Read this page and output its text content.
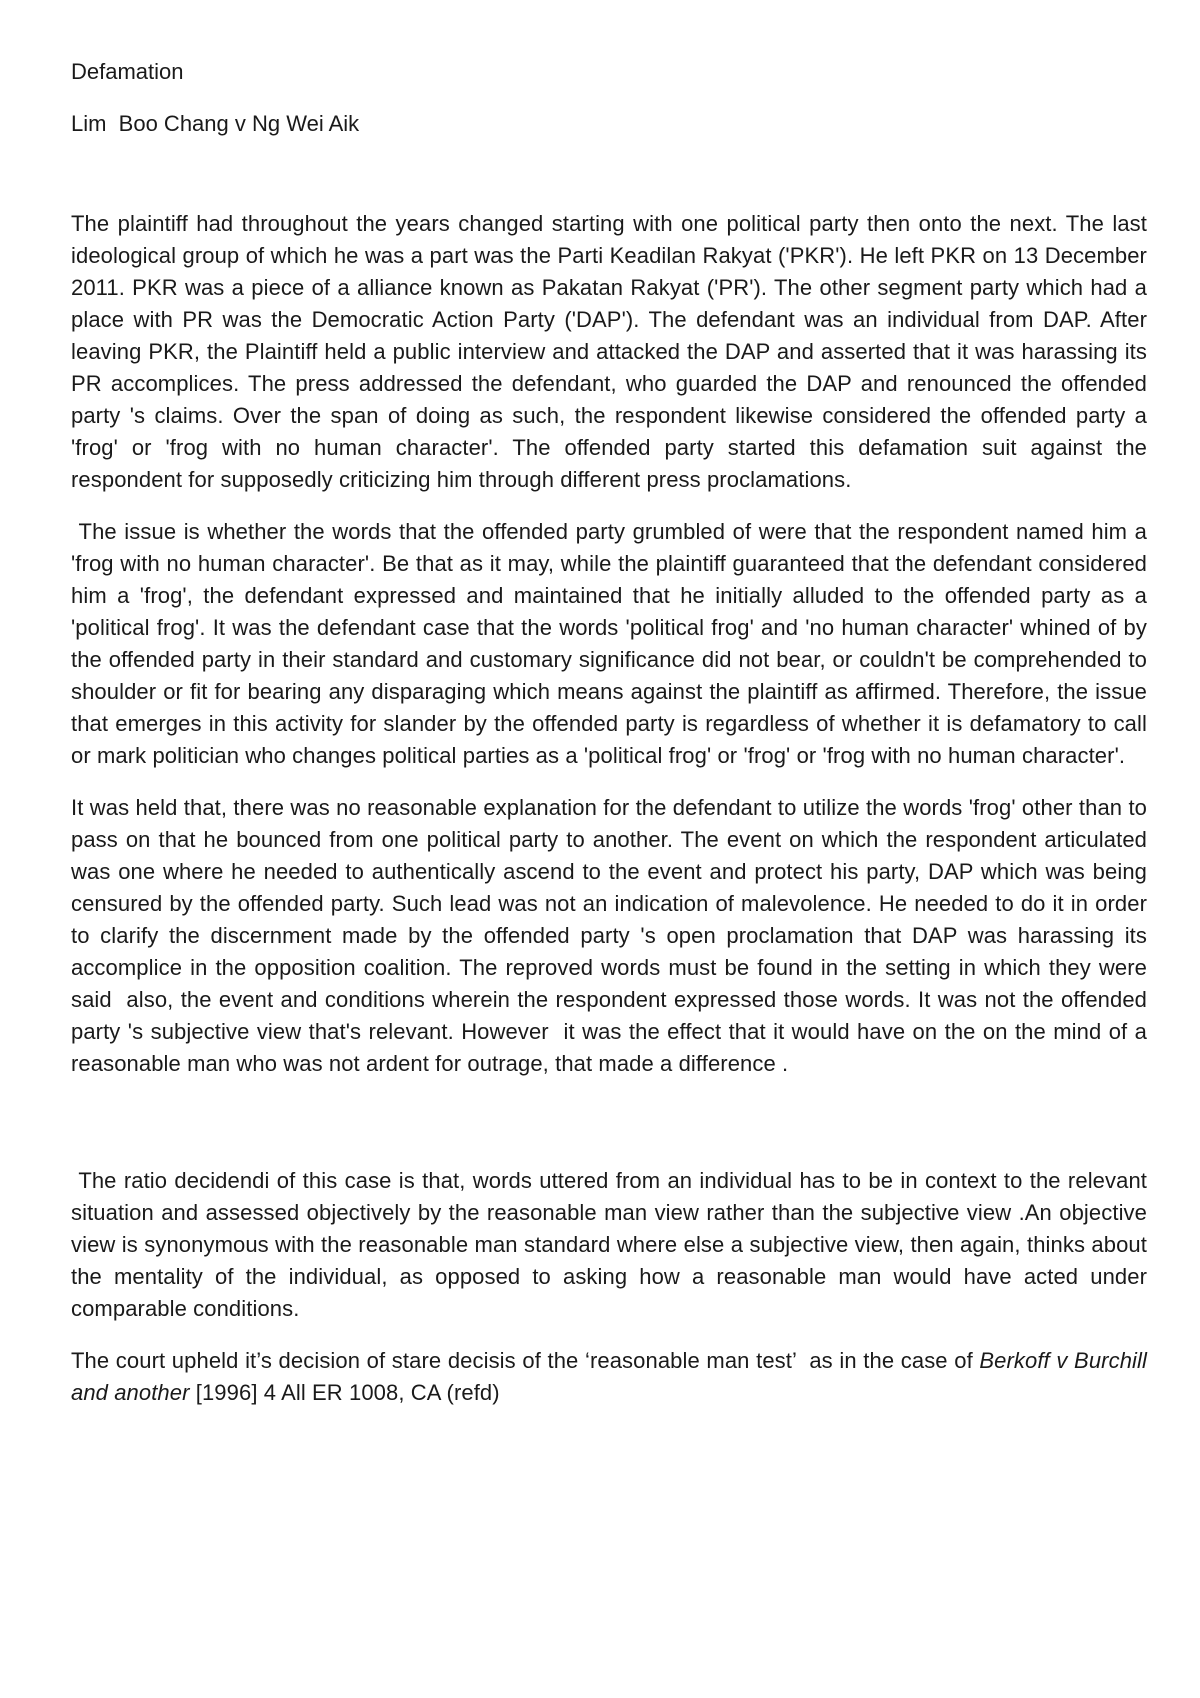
Defamation

Lim  Boo Chang v Ng Wei Aik

The plaintiff had throughout the years changed starting with one political party then onto the next. The last ideological group of which he was a part was the Parti Keadilan Rakyat ('PKR'). He left PKR on 13 December 2011. PKR was a piece of a alliance known as Pakatan Rakyat ('PR'). The other segment party which had a place with PR was the Democratic Action Party ('DAP'). The defendant was an individual from DAP. After leaving PKR, the Plaintiff held a public interview and attacked the DAP and asserted that it was harassing its PR accomplices. The press addressed the defendant, who guarded the DAP and renounced the offended party 's claims. Over the span of doing as such, the respondent likewise considered the offended party a 'frog' or 'frog with no human character'. The offended party started this defamation suit against the respondent for supposedly criticizing him through different press proclamations.

The issue is whether the words that the offended party grumbled of were that the respondent named him a 'frog with no human character'. Be that as it may, while the plaintiff guaranteed that the defendant considered him a 'frog', the defendant expressed and maintained that he initially alluded to the offended party as a 'political frog'. It was the defendant case that the words 'political frog' and 'no human character' whined of by the offended party in their standard and customary significance did not bear, or couldn't be comprehended to shoulder or fit for bearing any disparaging which means against the plaintiff as affirmed. Therefore, the issue that emerges in this activity for slander by the offended party is regardless of whether it is defamatory to call or mark politician who changes political parties as a 'political frog' or 'frog' or 'frog with no human character'.

It was held that, there was no reasonable explanation for the defendant to utilize the words 'frog' other than to pass on that he bounced from one political party to another. The event on which the respondent articulated was one where he needed to authentically ascend to the event and protect his party, DAP which was being censured by the offended party. Such lead was not an indication of malevolence. He needed to do it in order to clarify the discernment made by the offended party 's open proclamation that DAP was harassing its accomplice in the opposition coalition. The reproved words must be found in the setting in which they were said  also, the event and conditions wherein the respondent expressed those words. It was not the offended party 's subjective view that's relevant. However  it was the effect that it would have on the on the mind of a reasonable man who was not ardent for outrage, that made a difference .

The ratio decidendi of this case is that, words uttered from an individual has to be in context to the relevant situation and assessed objectively by the reasonable man view rather than the subjective view .An objective view is synonymous with the reasonable man standard where else a subjective view, then again, thinks about the mentality of the individual, as opposed to asking how a reasonable man would have acted under comparable conditions.

The court upheld it’s decision of stare decisis of the ‘reasonable man test’  as in the case of Berkoff v Burchill and another [1996] 4 All ER 1008, CA (refd)
